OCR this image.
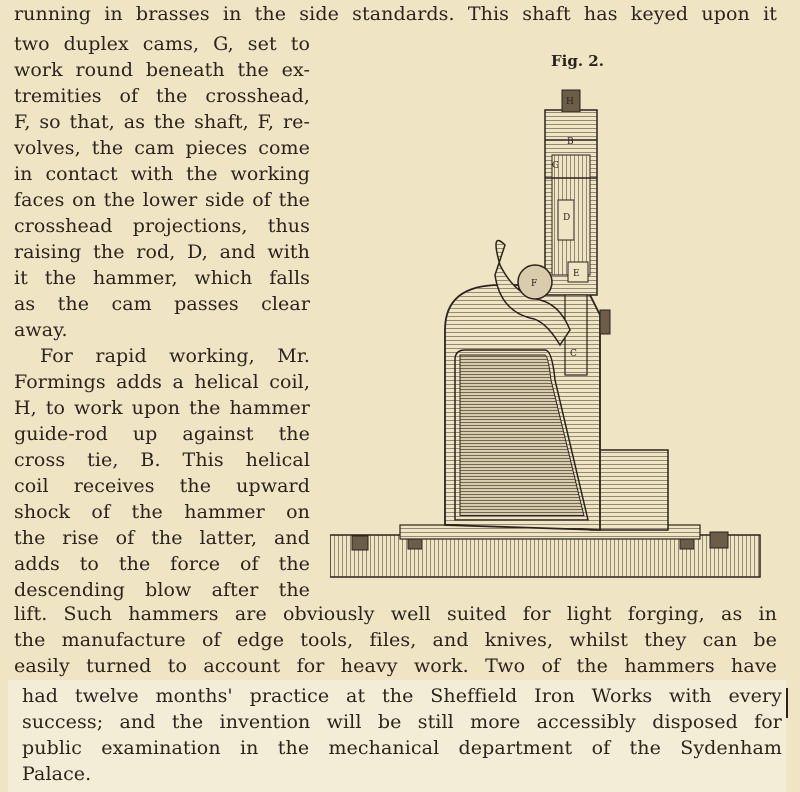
running in brasses in the side standards. This shaft has keyed upon it
two duplex cams, G, set to
work round beneath the ex-
tremities of the crosshead,
F, so that, as the shaft, F, re-
volves, the cam pieces come
in contact with the working
faces on the lower side of the
crosshead projections, thus
raising the rod, D, and with
it the hammer, which falls
as the cam passes clear
away.
For rapid working, Mr.
Formings adds a helical coil,
H, to work upon the hammer
guide-rod up against the
cross tie, B. This helical
coil receives the upward
shock of the hammer on
the rise of the latter, and
adds to the force of the
descending blow after the
lift. Such hammers are obviously well suited for light forging, as in
the manufacture of edge tools, files, and knives, whilst they can be
easily turned to account for heavy work. Two of the hammers have
had twelve months' practice at the Sheffield Iron Works with every
success; and the invention will be still more accessibly disposed for
public examination in the mechanical department of the Sydenham
Palace.
Fig. 2.
H
B
G
D
E
F
C
